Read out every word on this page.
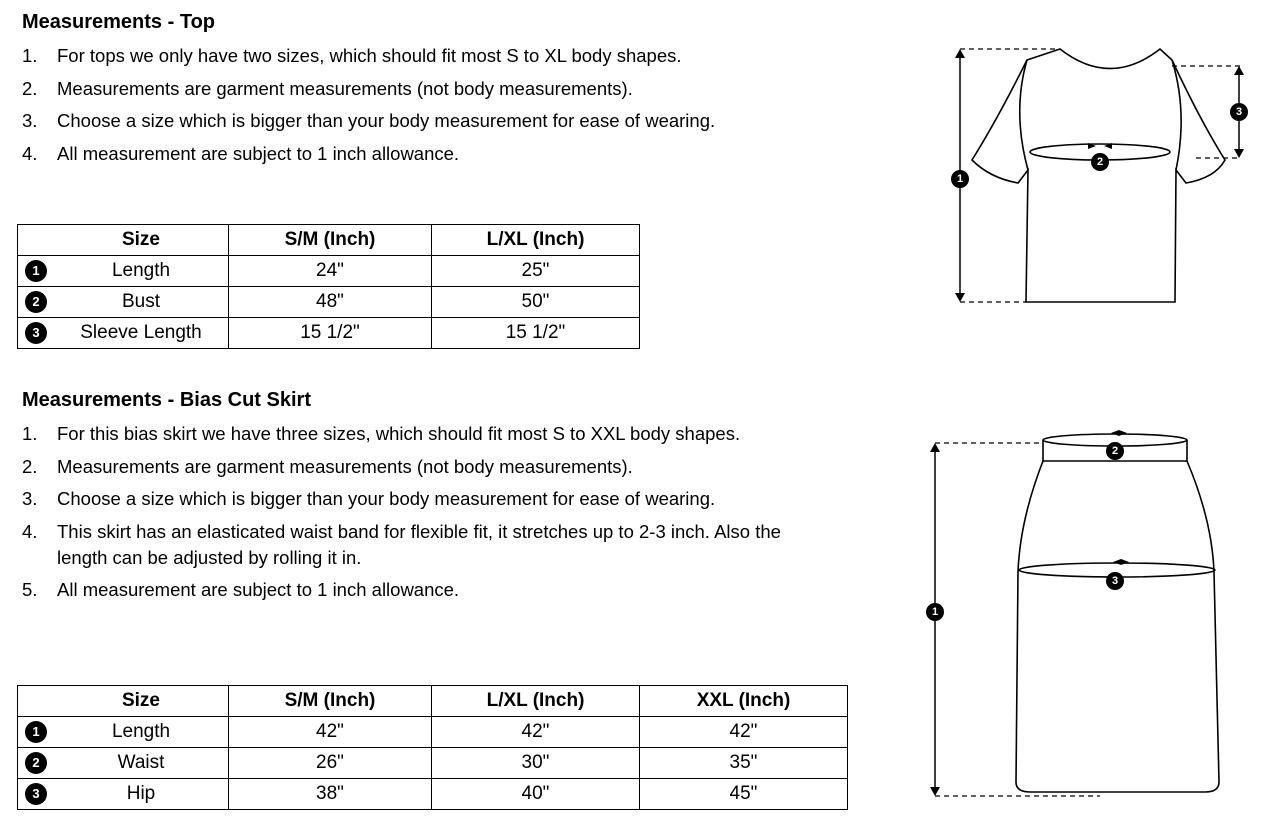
Measurements - Top
1. For tops we only have two sizes, which should fit most S to XL body shapes.
2. Measurements are garment measurements (not body measurements).
3. Choose a size which is bigger than your body measurement for ease of wearing.
4. All measurement are subject to 1 inch allowance.
	Size	S/M (Inch)	L/XL (Inch)
1	Length	24"	25"
2	Bust	48"	50"
3	Sleeve Length	15 1/2"	15 1/2"
Measurements - Bias Cut Skirt
1. For this bias skirt we have three sizes, which should fit most S to XXL body shapes.
2. Measurements are garment measurements (not body measurements).
3. Choose a size which is bigger than your body measurement for ease of wearing.
4. This skirt has an elasticated waist band for flexible fit, it stretches up to 2-3 inch. Also the length can be adjusted by rolling it in.
5. All measurement are subject to 1 inch allowance.
	Size	S/M (Inch)	L/XL (Inch)	XXL (Inch)
1	Length	42"	42"	42"
2	Waist	26"	30"	35"
3	Hip	38"	40"	45"
1
2
3
1
2
3
